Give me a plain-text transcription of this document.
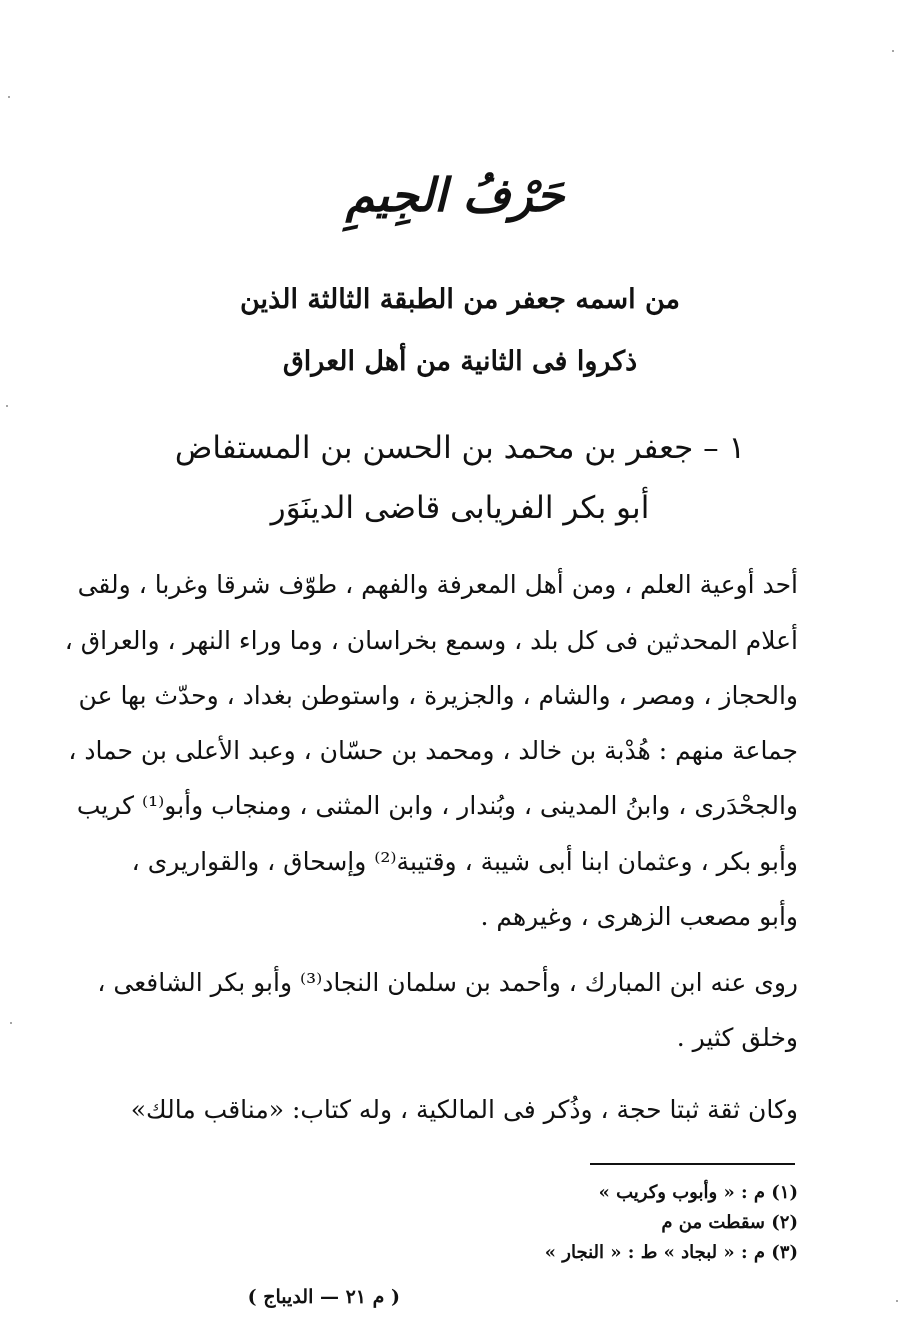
حَرْفُ الجِيمِ
من اسمه جعفر من الطبقة الثالثة الذين
ذكروا فى الثانية من أهل العراق
١ – جعفر بن محمد بن الحسن بن المستفاض
أبو بكر الفريابى قاضى الدينَوَر
أحد أوعية العلم ، ومن أهل المعرفة والفهم ، طوّف شرقا وغربا ، ولقى
أعلام المحدثين فى كل بلد ، وسمع بخراسان ، وما وراء النهر ، والعراق ،
والحجاز ، ومصر ، والشام ، والجزيرة ، واستوطن بغداد ، وحدّث بها عن
جماعة منهم : هُدْبة بن خالد ، ومحمد بن حسّان ، وعبد الأعلى بن حماد ،
والجحْدَرى ، وابنُ المدينى ، وبُندار ، وابن المثنى ، ومنجاب وأبو⁽¹⁾ كريب
وأبو بكر ، وعثمان ابنا أبى شيبة ، وقتيبة⁽²⁾ وإسحاق ، والقواريرى ،
وأبو مصعب الزهرى ، وغيرهم .
روى عنه ابن المبارك ، وأحمد بن سلمان النجاد⁽³⁾ وأبو بكر الشافعى ،
وخلق كثير .
وكان ثقة ثبتا حجة ، وذُكر فى المالكية ، وله كتاب: «مناقب مالك»
(١) م : « وأبوب وكريب »
(٢) سقطت من م
(٣) م : « لبجاد » ط : « النجار »
( م ٢١ — الديباج )
